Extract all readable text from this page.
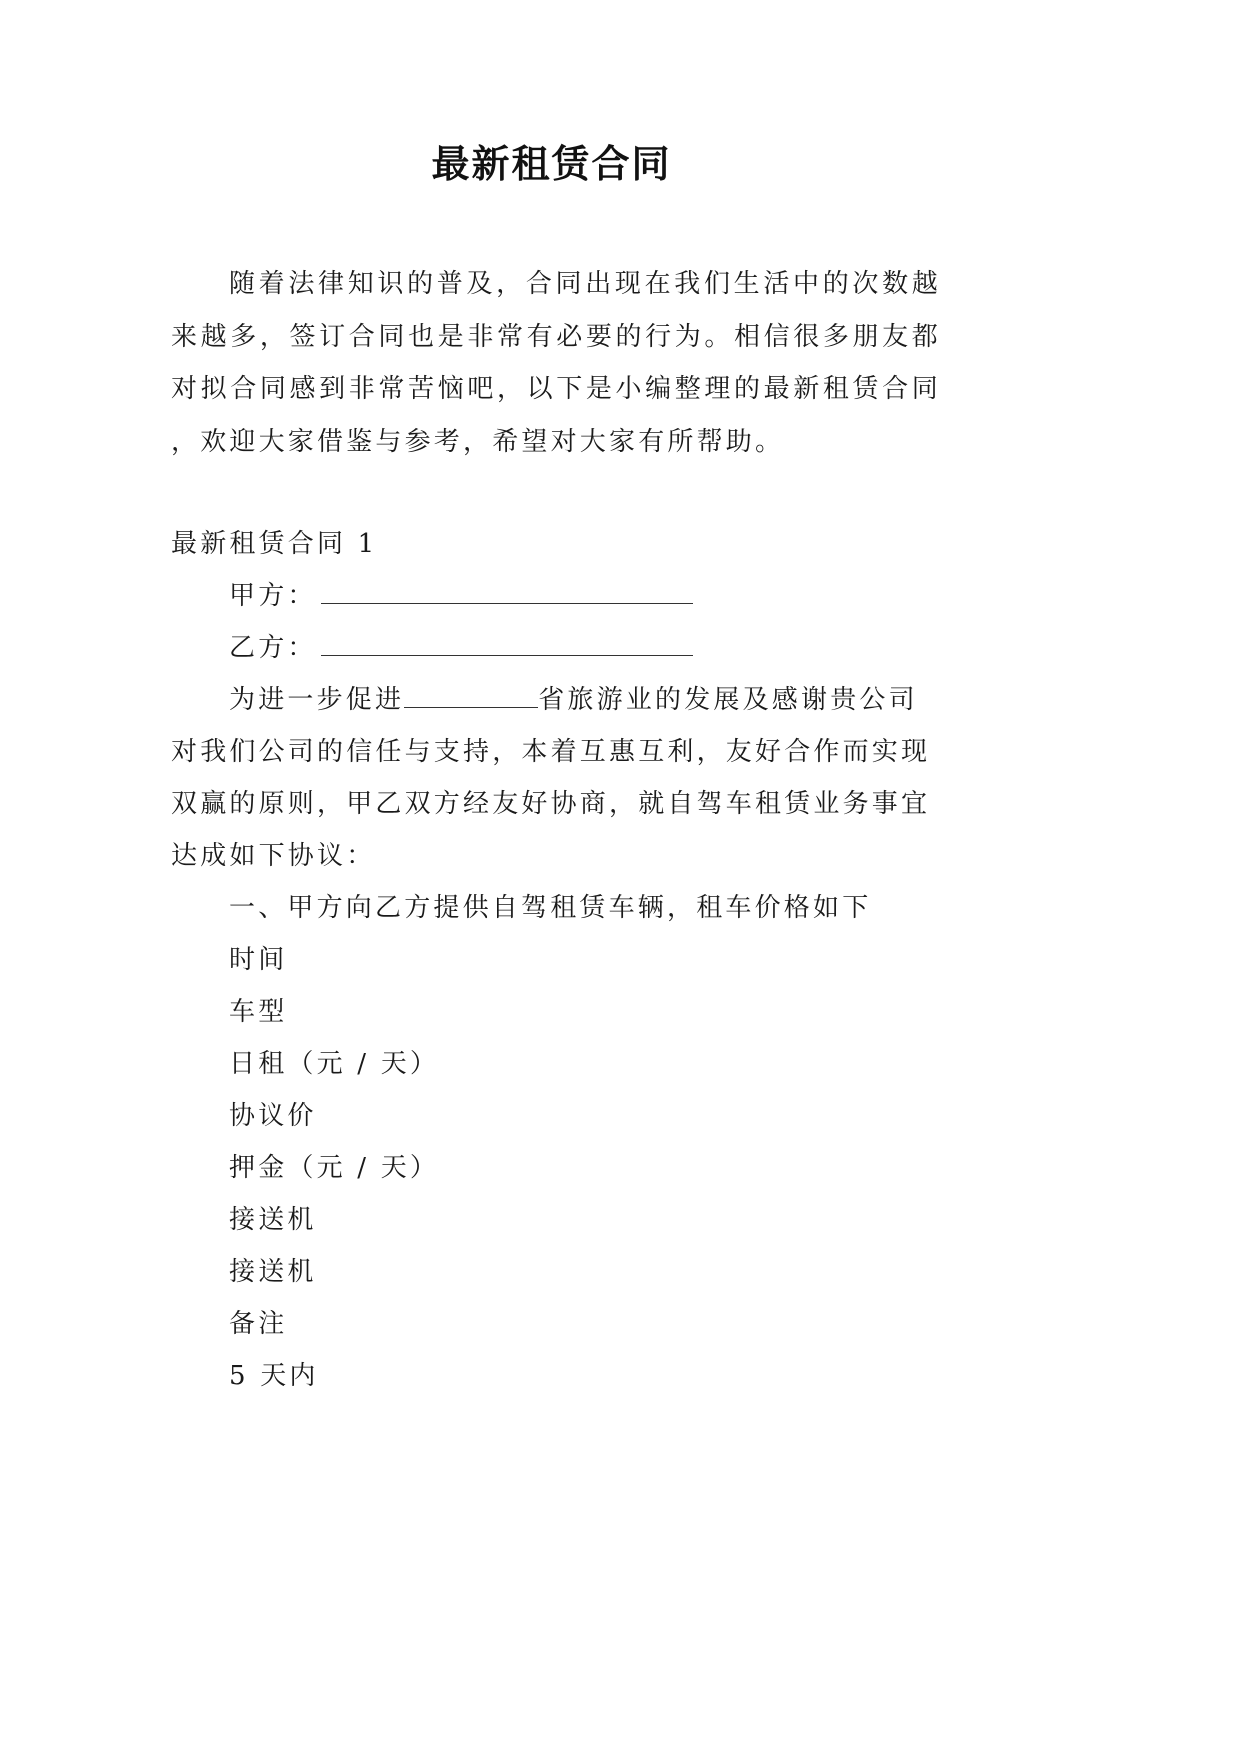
最新租赁合同
随着法律知识的普及，合同出现在我们生活中的次数越来越多，签订合同也是非常有必要的行为。相信很多朋友都对拟合同感到非常苦恼吧，以下是小编整理的最新租赁合同 ，欢迎大家借鉴与参考，希望对大家有所帮助。
最新租赁合同 1
甲方：
乙方：
为进一步促进	省旅游业的发展及感谢贵公司
对我们公司的信任与支持，本着互惠互利，友好合作而实现
双赢的原则，甲乙双方经友好协商，就自驾车租赁业务事宜
达成如下协议：
一、甲方向乙方提供自驾租赁车辆，租车价格如下
时间
车型
日租（元 / 天）
协议价
押金（元 / 天）
接送机
接送机
备注
5 天内
